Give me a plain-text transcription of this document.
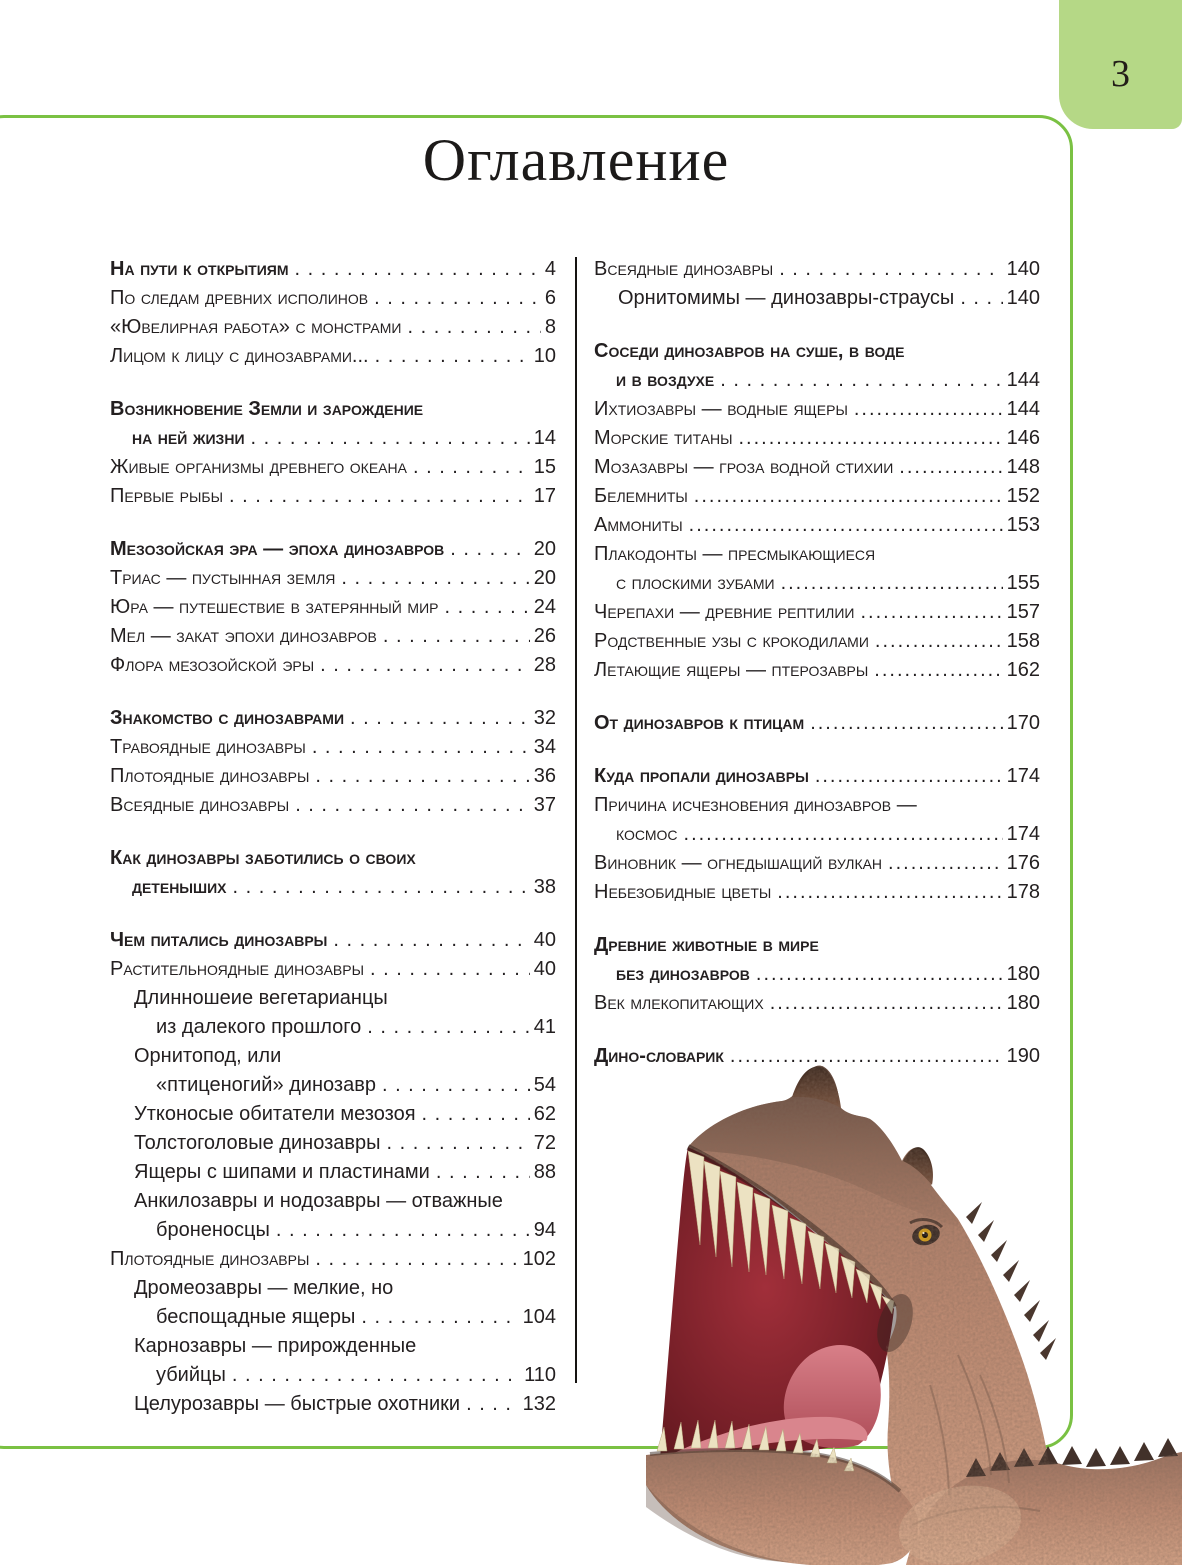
3
Оглавление
На пути к открытиям . . .	4
По следам древних исполинов . . .	6
«Ювелирная работа» с монстрами . . .	8
Лицом к лицу с динозаврами... . . .	10
Возникновение Земли и зарождение
на ней жизни . . .	14
Живые организмы древнего океана . . .	15
Первые рыбы . . .	17
Мезозойская эра — эпоха динозавров . . .	20
Триас — пустынная земля . . .	20
Юра — путешествие в затерянный мир . . .	24
Мел — закат эпохи динозавров . . .	26
Флора мезозойской эры . . .	28
Знакомство с динозаврами . . .	32
Травоядные динозавры . . .	34
Плотоядные динозавры . . .	36
Всеядные динозавры . . .	37
Как динозавры заботились о своих
детеныших . . .	38
Чем питались динозавры . . .	40
Растительноядные динозавры . . .	40
Длинношеие вегетарианцы
из далекого прошлого . . .	41
Орнитопод, или
«птиценогий» динозавр . . .	54
Утконосые обитатели мезозоя . . .	62
Толстоголовые динозавры . . .	72
Ящеры с шипами и пластинами . . .	88
Анкилозавры и нодозавры — отважные
броненосцы . . .	94
Плотоядные динозавры . . .	102
Дромеозавры — мелкие, но
беспощадные ящеры . . .	104
Карнозавры — прирожденные
убийцы . . .	110
Целурозавры — быстрые охотники . . .	132
Всеядные динозавры . . .	140
Орнитомимы — динозавры-страусы . . .	140
Соседи динозавров на суше, в воде
и в воздухе . . .	144
Ихтиозавры — водные ящеры .....	144
Морские титаны .....	146
Мозазавры — гроза водной стихии .....	148
Белемниты .....	152
Аммониты .....	153
Плакодонты — пресмыкающиеся
с плоскими зубами .....	155
Черепахи — древние рептилии .....	157
Родственные узы с крокодилами .....	158
Летающие ящеры — птерозавры .....	162
От динозавров к птицам .....	170
Куда пропали динозавры .....	174
Причина исчезновения динозавров —
космос .....	174
Виновник — огнедышащий вулкан .....	176
Небезобидные цветы .....	178
Древние животные в мире
без динозавров .....	180
Век млекопитающих .....	180
Дино-словарик .....	190
